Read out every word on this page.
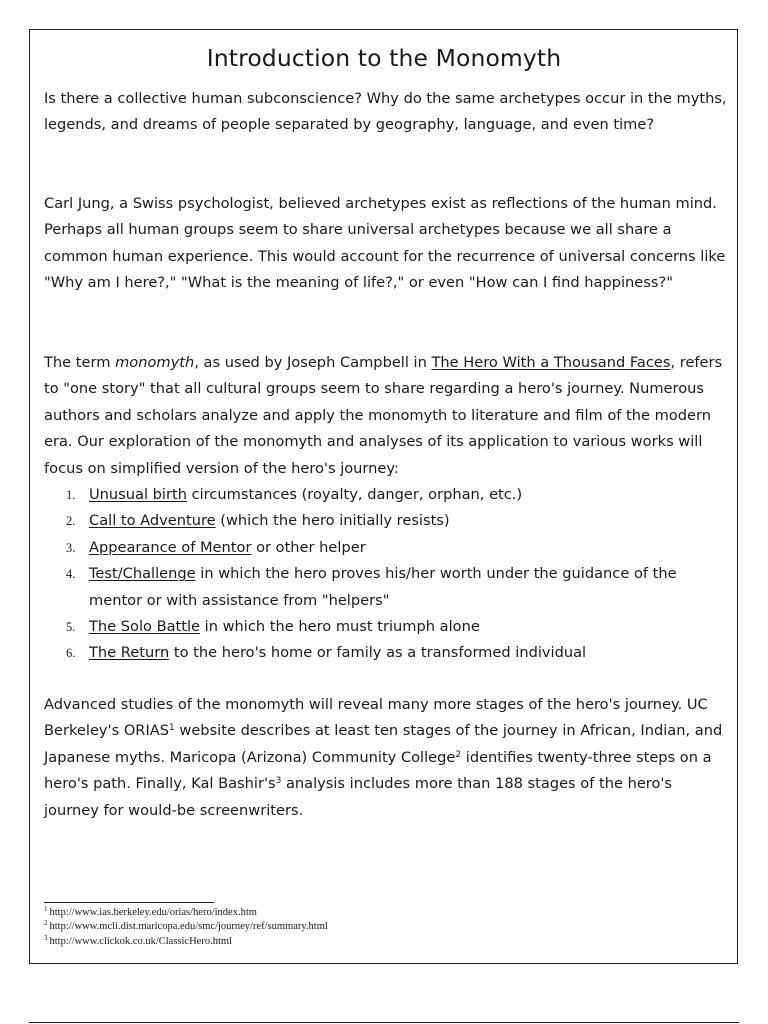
Introduction to the Monomyth

Is there a collective human subconscience? Why do the same archetypes occur in the myths, legends, and dreams of people separated by geography, language, and even time?

Carl Jung, a Swiss psychologist, believed archetypes exist as reflections of the human mind. Perhaps all human groups seem to share universal archetypes because we all share a common human experience. This would account for the recurrence of universal concerns like "Why am I here?," "What is the meaning of life?," or even "How can I find happiness?"

The term monomyth, as used by Joseph Campbell in The Hero With a Thousand Faces, refers to "one story" that all cultural groups seem to share regarding a hero's journey. Numerous authors and scholars analyze and apply the monomyth to literature and film of the modern era. Our exploration of the monomyth and analyses of its application to various works will focus on simplified version of the hero's journey:

1. Unusual birth circumstances (royalty, danger, orphan, etc.)
2. Call to Adventure (which the hero initially resists)
3. Appearance of Mentor or other helper
4. Test/Challenge in which the hero proves his/her worth under the guidance of the mentor or with assistance from "helpers"
5. The Solo Battle in which the hero must triumph alone
6. The Return to the hero's home or family as a transformed individual

Advanced studies of the monomyth will reveal many more stages of the hero's journey. UC Berkeley's ORIAS$^1$ website describes at least ten stages of the journey in African, Indian, and Japanese myths. Maricopa (Arizona) Community College$^2$ identifies twenty-three steps on a hero's path. Finally, Kal $Bashir's^3$ analysis includes more than 188 stages of the hero's journey for would-be screenwriters.

$^1$ http://www.ias.berkeley.edu/orias/hero/index.htm
$^2$ http://www.mcli.dist.maricopa.edu/smc/journey/ref/summary.html
$^3$ http://www.clickok.co.uk/ClassicHero.html
